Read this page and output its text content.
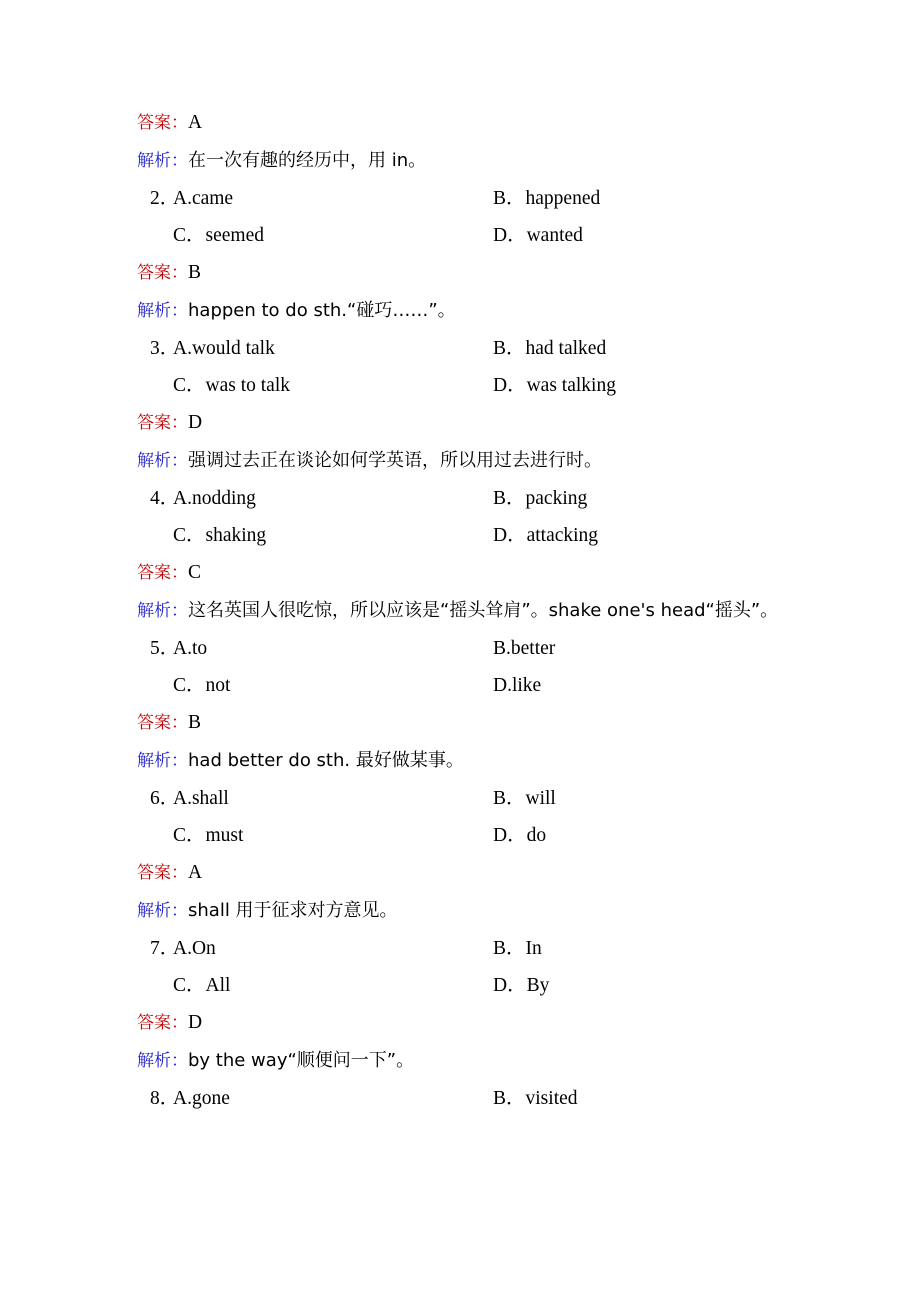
答案：A
解析：在一次有趣的经历中，用 in。
2．A.came	B．happened
C．seemed	D．wanted
答案：B
解析：happen to do sth.“碰巧……”。
3．A.would talk	B．had talked
C．was to talk	D．was talking
答案：D
解析：强调过去正在谈论如何学英语，所以用过去进行时。
4．A.nodding	B．packing
C．shaking	D．attacking
答案：C
解析：这名英国人很吃惊，所以应该是“摇头耸肩”。shake one's head“摇头”。
5．A.to	B.better
C．not	D.like
答案：B
解析：had better do sth. 最好做某事。
6．A.shall	B．will
C．must	D．do
答案：A
解析：shall 用于征求对方意见。
7．A.On	B．In
C．All	D．By
答案：D
解析：by the way“顺便问一下”。
8．A.gone	B．visited
